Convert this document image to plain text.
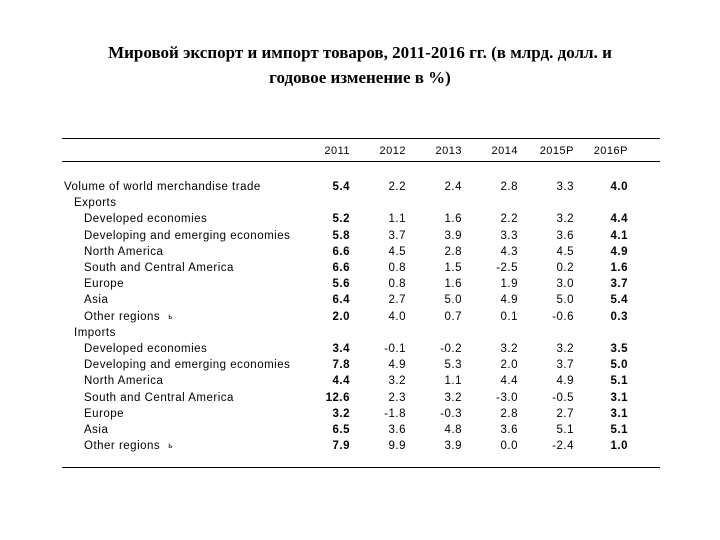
Мировой экспорт и импорт товаров, 2011-2016 гг. (в млрд. долл. и
годовое изменение в %)
2011	2012	2013	2014	2015P	2016P
Volume of world merchandise trade	5.4	2.2	2.4	2.8	3.3	4.0
Exports
Developed economies	5.2	1.1	1.6	2.2	3.2	4.4
Developing and emerging economies	5.8	3.7	3.9	3.3	3.6	4.1
North America	6.6	4.5	2.8	4.3	4.5	4.9
South and Central America	6.6	0.8	1.5	-2.5	0.2	1.6
Europe	5.6	0.8	1.6	1.9	3.0	3.7
Asia	6.4	2.7	5.0	4.9	5.0	5.4
Other regions $^ь$	2.0	4.0	0.7	0.1	-0.6	0.3
Imports
Developed economies	3.4	-0.1	-0.2	3.2	3.2	3.5
Developing and emerging economies	7.8	4.9	5.3	2.0	3.7	5.0
North America	4.4	3.2	1.1	4.4	4.9	5.1
South and Central America	12.6	2.3	3.2	-3.0	-0.5	3.1
Europe	3.2	-1.8	-0.3	2.8	2.7	3.1
Asia	6.5	3.6	4.8	3.6	5.1	5.1
Other regions $^ь$	7.9	9.9	3.9	0.0	-2.4	1.0
